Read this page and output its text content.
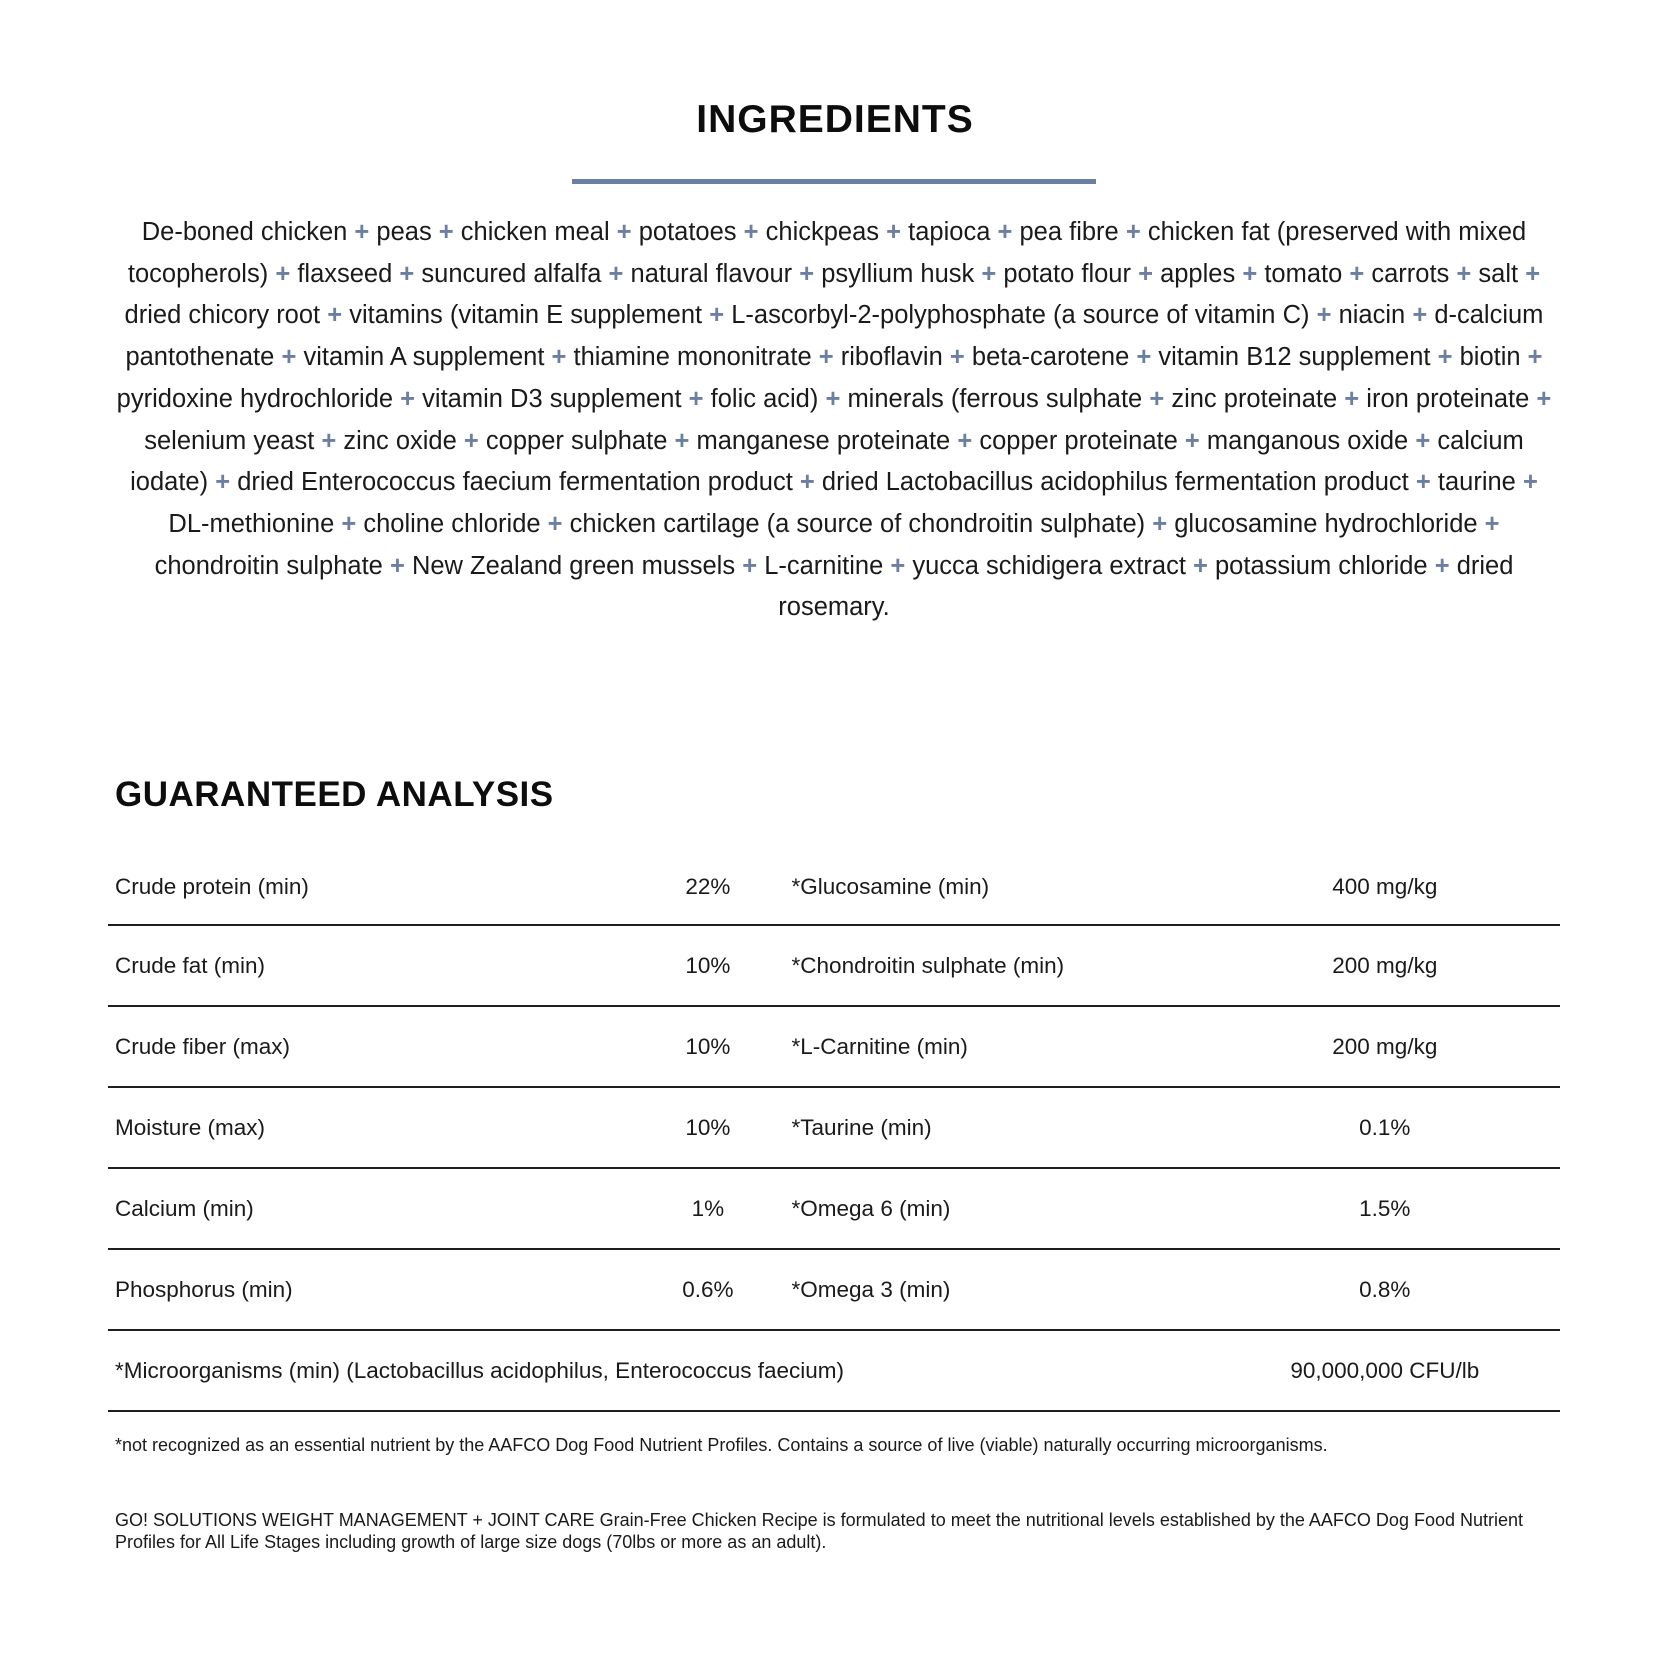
INGREDIENTS

De-boned chicken + peas + chicken meal + potatoes + chickpeas + tapioca + pea fibre + chicken fat (preserved with mixed tocopherols) + flaxseed + suncured alfalfa + natural flavour + psyllium husk + potato flour + apples + tomato + carrots + salt + dried chicory root + vitamins (vitamin E supplement + L-ascorbyl-2-polyphosphate (a source of vitamin C) + niacin + d-calcium pantothenate + vitamin A supplement + thiamine mononitrate + riboflavin + beta-carotene + vitamin B12 supplement + biotin + pyridoxine hydrochloride + vitamin D3 supplement + folic acid) + minerals (ferrous sulphate + zinc proteinate + iron proteinate + selenium yeast + zinc oxide + copper sulphate + manganese proteinate + copper proteinate + manganous oxide + calcium iodate) + dried Enterococcus faecium fermentation product + dried Lactobacillus acidophilus fermentation product + taurine + DL-methionine + choline chloride + chicken cartilage (a source of chondroitin sulphate) + glucosamine hydrochloride + chondroitin sulphate + New Zealand green mussels + L-carnitine + yucca schidigera extract + potassium chloride + dried rosemary.

GUARANTEED ANALYSIS
Crude protein (min)	22%	*Glucosamine (min)	400 mg/kg
Crude fat (min)	10%	*Chondroitin sulphate (min)	200 mg/kg
Crude fiber (max)	10%	*L-Carnitine (min)	200 mg/kg
Moisture (max)	10%	*Taurine (min)	0.1%
Calcium (min)	1%	*Omega 6 (min)	1.5%
Phosphorus (min)	0.6%	*Omega 3 (min)	0.8%
*Microorganisms (min) (Lactobacillus acidophilus, Enterococcus faecium)			90,000,000 CFU/lb

*not recognized as an essential nutrient by the AAFCO Dog Food Nutrient Profiles. Contains a source of live (viable) naturally occurring microorganisms.

GO! SOLUTIONS WEIGHT MANAGEMENT + JOINT CARE Grain-Free Chicken Recipe is formulated to meet the nutritional levels established by the AAFCO Dog Food Nutrient Profiles for All Life Stages including growth of large size dogs (70lbs or more as an adult).
